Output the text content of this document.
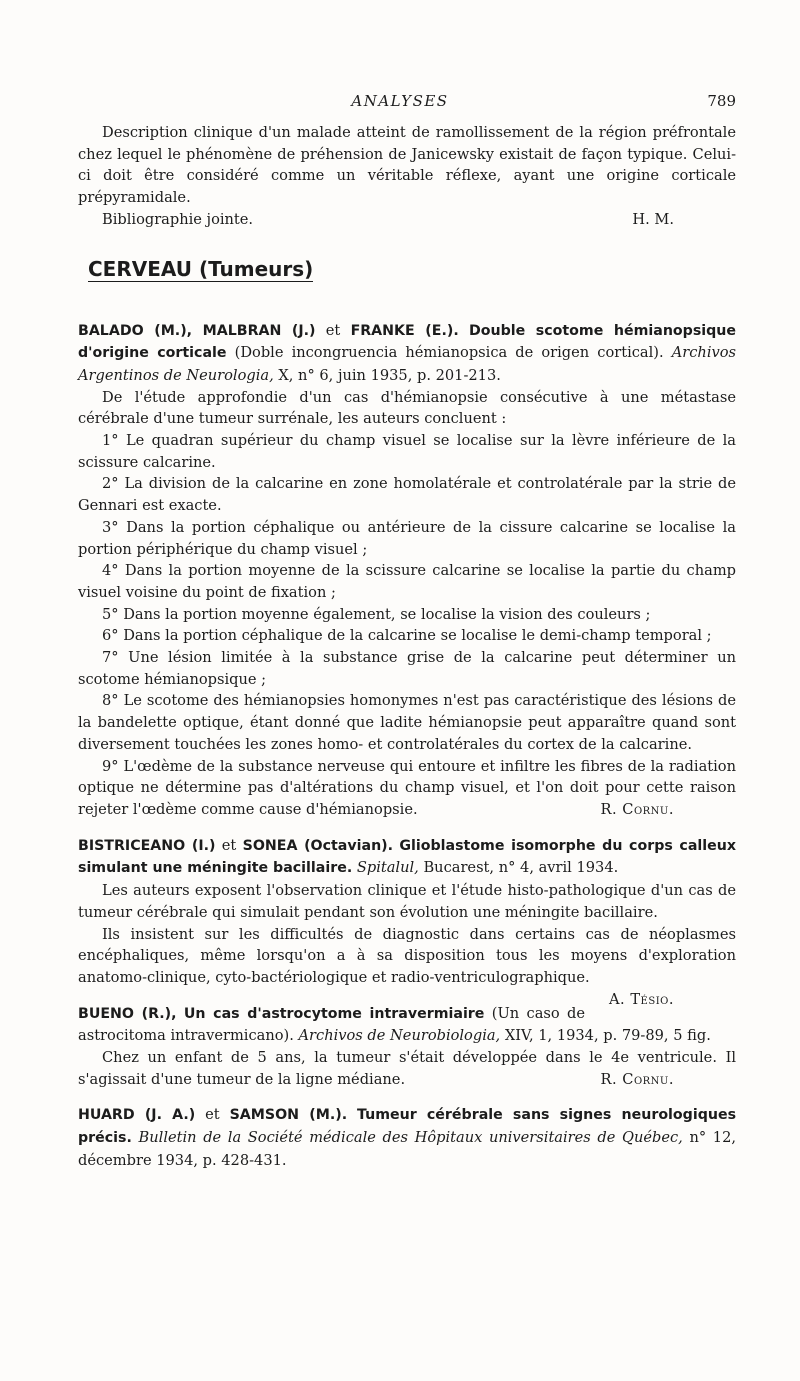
ANALYSES	789

Description clinique d'un malade atteint de ramollissement de la région préfrontale chez lequel le phénomène de préhension de Janicewsky existait de façon typique. Celui-ci doit être considéré comme un véritable réflexe, ayant une origine corticale prépyramidale.

Bibliographie jointe.	H. M.

CERVEAU (Tumeurs)

BALADO (M.), MALBRAN (J.) et FRANKE (E.). Double scotome hémianopsique d'origine corticale (Doble incongruencia hémianopsica de origen cortical). Archivos Argentinos de Neurologia, X, n° 6, juin 1935, p. 201-213.

De l'étude approfondie d'un cas d'hémianopsie consécutive à une métastase cérébrale d'une tumeur surrénale, les auteurs concluent :

1° Le quadran supérieur du champ visuel se localise sur la lèvre inférieure de la scissure calcarine.

2° La division de la calcarine en zone homolatérale et controlatérale par la strie de Gennari est exacte.

3° Dans la portion céphalique ou antérieure de la cissure calcarine se localise la portion périphérique du champ visuel ;

4° Dans la portion moyenne de la scissure calcarine se localise la partie du champ visuel voisine du point de fixation ;

5° Dans la portion moyenne également, se localise la vision des couleurs ;

6° Dans la portion céphalique de la calcarine se localise le demi-champ temporal ;

7° Une lésion limitée à la substance grise de la calcarine peut déterminer un scotome hémianopsique ;

8° Le scotome des hémianopsies homonymes n'est pas caractéristique des lésions de la bandelette optique, étant donné que ladite hémianopsie peut apparaître quand sont diversement touchées les zones homo- et controlatérales du cortex de la calcarine.

9° L'œdème de la substance nerveuse qui entoure et infiltre les fibres de la radiation optique ne détermine pas d'altérations du champ visuel, et l'on doit pour cette raison rejeter l'œdème comme cause d'hémianopsie.	R. Cornu.

BISTRICEANO (I.) et SONEA (Octavian). Glioblastome isomorphe du corps calleux simulant une méningite bacillaire. Spitalul, Bucarest, n° 4, avril 1934.

Les auteurs exposent l'observation clinique et l'étude histo-pathologique d'un cas de tumeur cérébrale qui simulait pendant son évolution une méningite bacillaire.

Ils insistent sur les difficultés de diagnostic dans certains cas de néoplasmes encéphaliques, même lorsqu'on a à sa disposition tous les moyens d'exploration anatomo-clinique, cyto-bactériologique et radio-ventriculographique.
A. Tésio.

BUENO (R.), Un cas d'astrocytome intravermiaire (Un caso de astrocitoma intravermicano). Archivos de Neurobiologia, XIV, 1, 1934, p. 79-89, 5 fig.

Chez un enfant de 5 ans, la tumeur s'était développée dans le 4e ventricule. Il s'agissait d'une tumeur de la ligne médiane.	R. Cornu.

HUARD (J. A.) et SAMSON (M.). Tumeur cérébrale sans signes neurologiques précis. Bulletin de la Société médicale des Hôpitaux universitaires de Québec, n° 12, décembre 1934, p. 428-431.
